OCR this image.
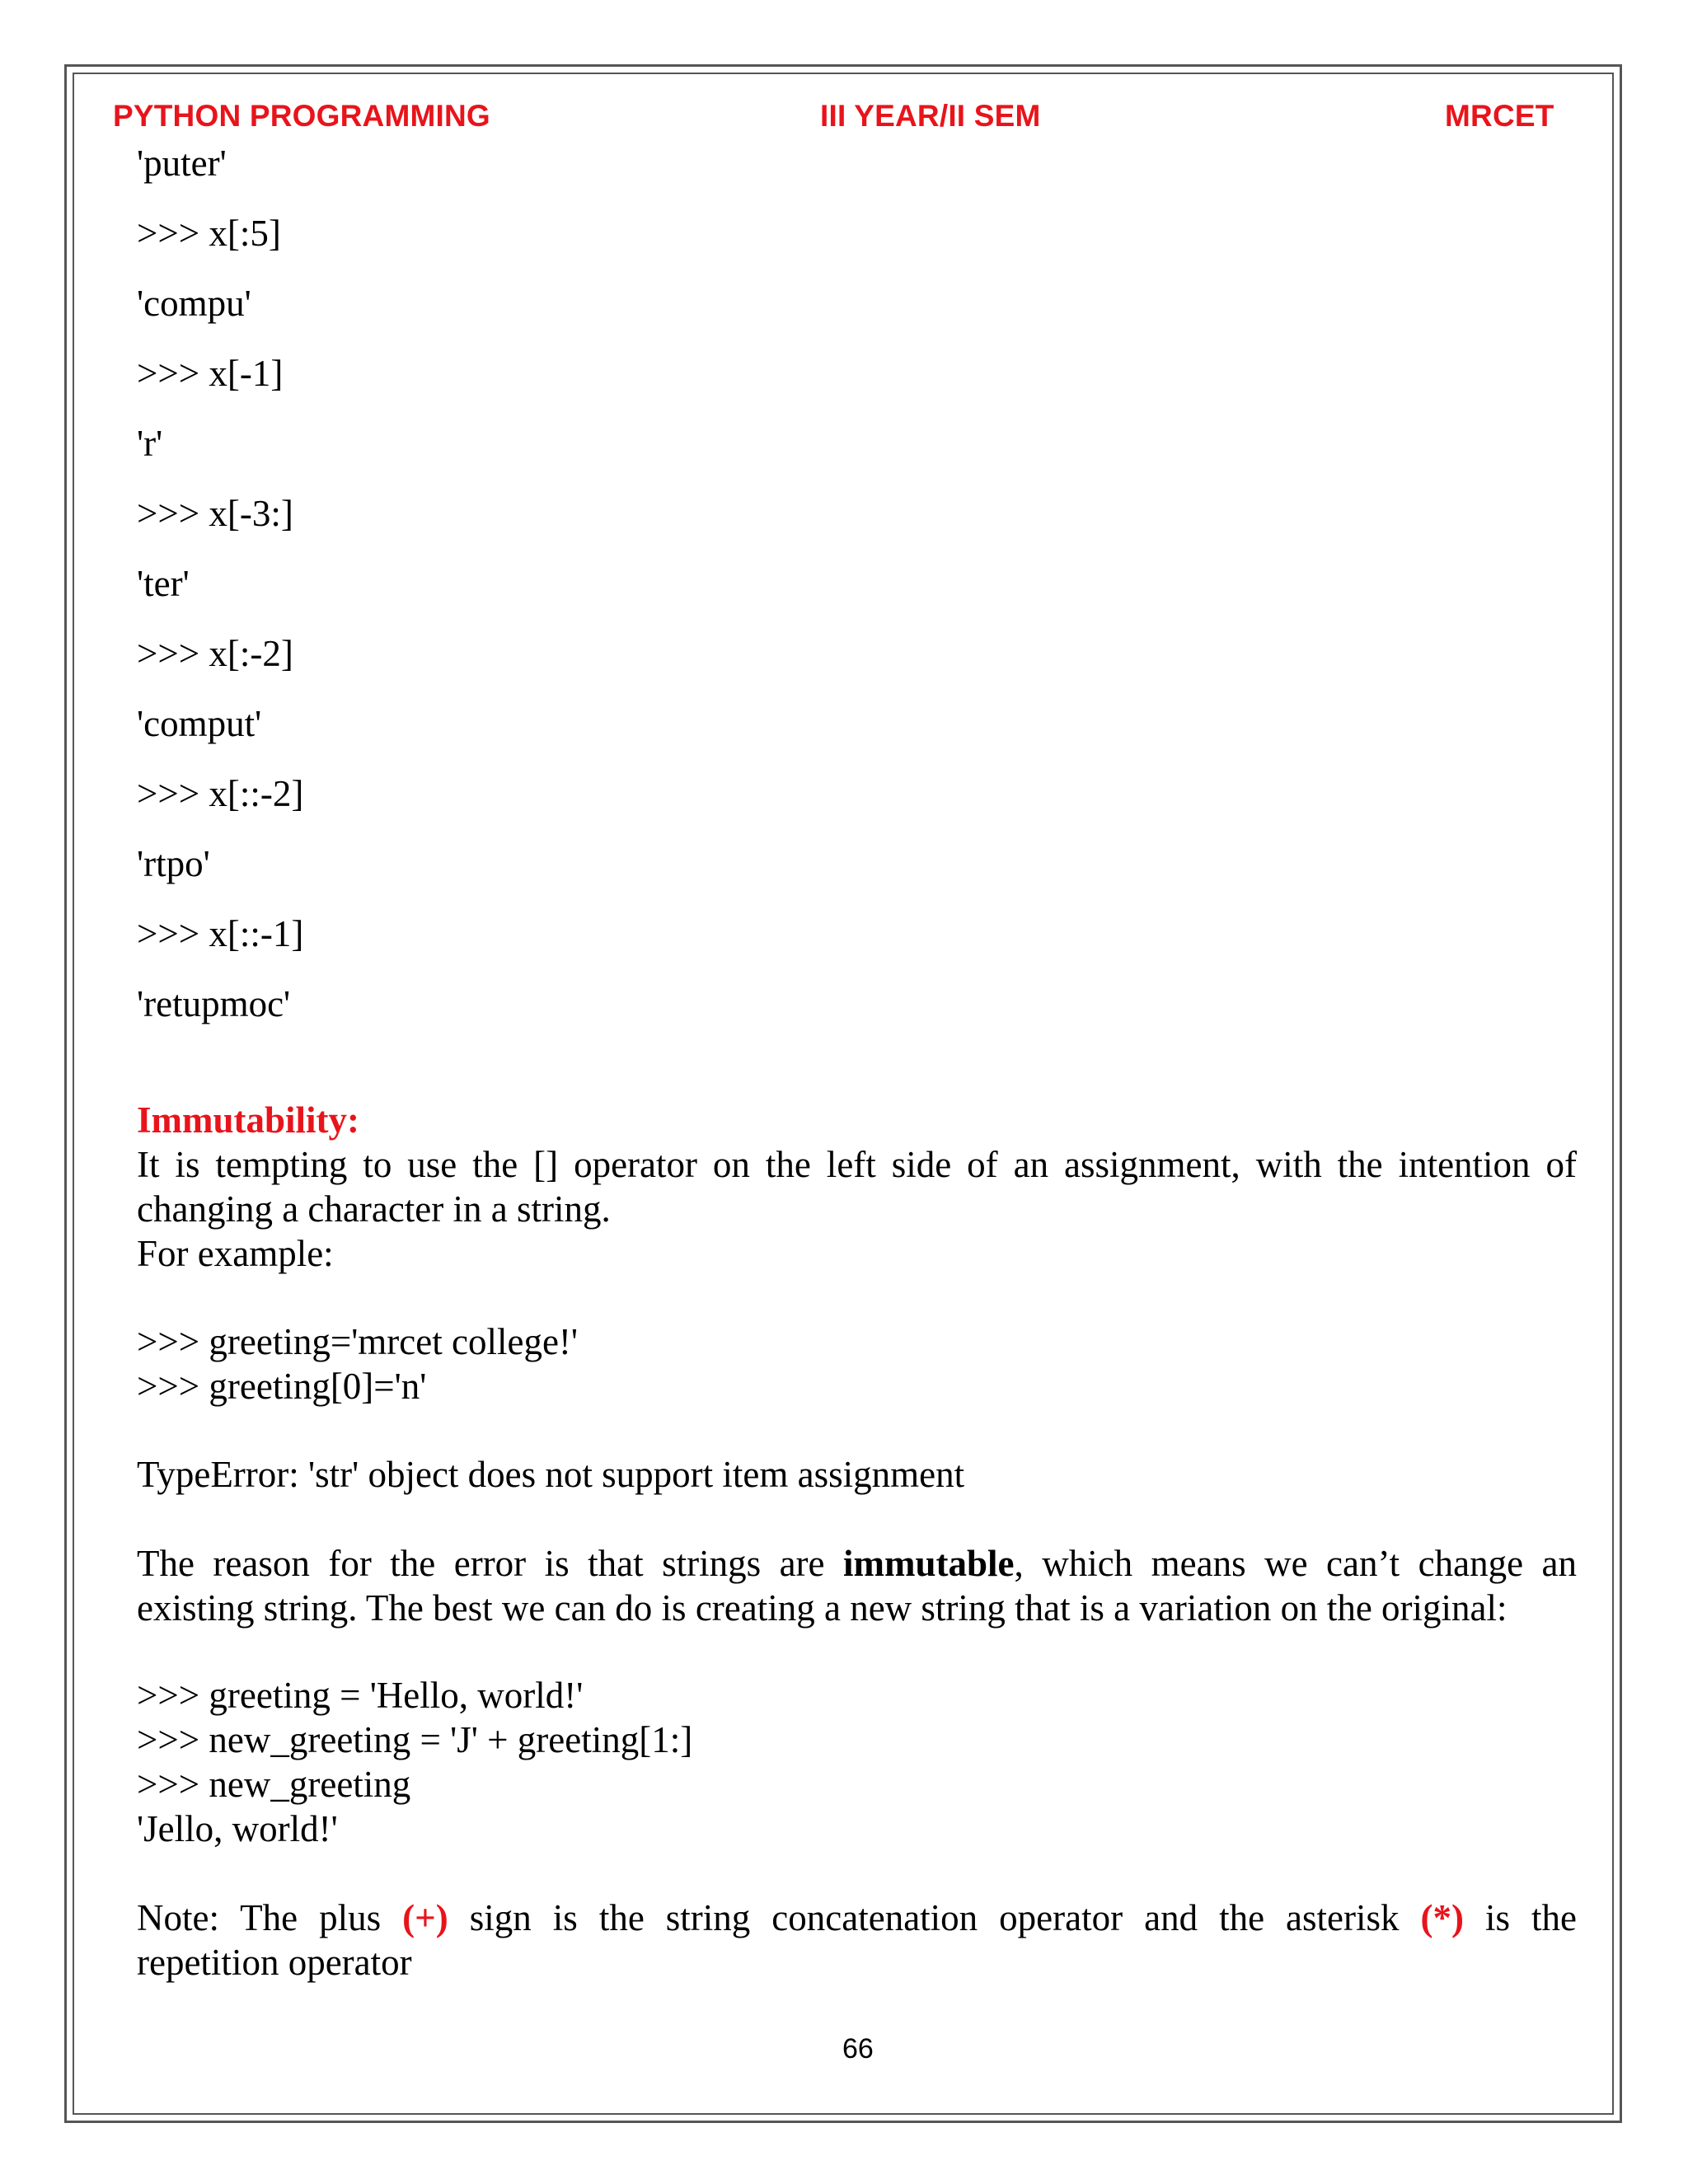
PYTHON PROGRAMMING	III YEAR/II SEM	MRCET
'puter'
>>> x[:5]
'compu'
>>> x[-1]
'r'
>>> x[-3:]
'ter'
>>> x[:-2]
'comput'
>>> x[::-2]
'rtpo'
>>> x[::-1]
'retupmoc'
Immutability:
It is tempting to use the [] operator on the left side of an assignment, with the intention of
changing a character in a string.
For example:
>>> greeting='mrcet college!'
>>> greeting[0]='n'
TypeError: 'str' object does not support item assignment
The reason for the error is that strings are immutable, which means we can’t change an
existing string. The best we can do is creating a new string that is a variation on the original:
>>> greeting = 'Hello, world!'
>>> new_greeting = 'J' + greeting[1:]
>>> new_greeting
'Jello, world!'
Note: The plus (+) sign is the string concatenation operator and the asterisk (*) is the
repetition operator
66
